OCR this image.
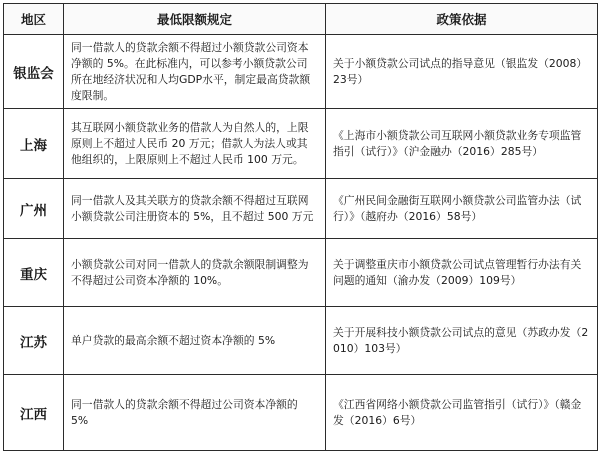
地区	最低限额规定	政策依据
银监会	同一借款人的贷款余额不得超过小额贷款公司资本净额的 5%。在此标准内，可以参考小额贷款公司所在地经济状况和人均GDP水平，制定最高贷款额度限制。	关于小额贷款公司试点的指导意见（银监发（2008）23号）
上海	其互联网小额贷款业务的借款人为自然人的，上限原则上不超过人民币 20 万元；借款人为法人或其他组织的，上限原则上不超过人民币 100 万元。	《上海市小额贷款公司互联网小额贷款业务专项监管指引（试行）》（沪金融办（2016）285号）
广州	同一借款人及其关联方的贷款余额不得超过互联网小额贷款公司注册资本的 5%，且不超过 500 万元	《广州民间金融街互联网小额贷款公司监管办法（试行）》（越府办（2016）58号）
重庆	小额贷款公司对同一借款人的贷款余额限制调整为不得超过公司资本净额的 10%。	关于调整重庆市小额贷款公司试点管理暂行办法有关问题的通知（渝办发（2009）109号）
江苏	单户贷款的最高余额不超过资本净额的 5%	关于开展科技小额贷款公司试点的意见（苏政办发（2010）103号）
江西	同一借款人的贷款余额不得超过公司资本净额的 5%	《江西省网络小额贷款公司监管指引（试行）》（赣金发（2016）6号）
